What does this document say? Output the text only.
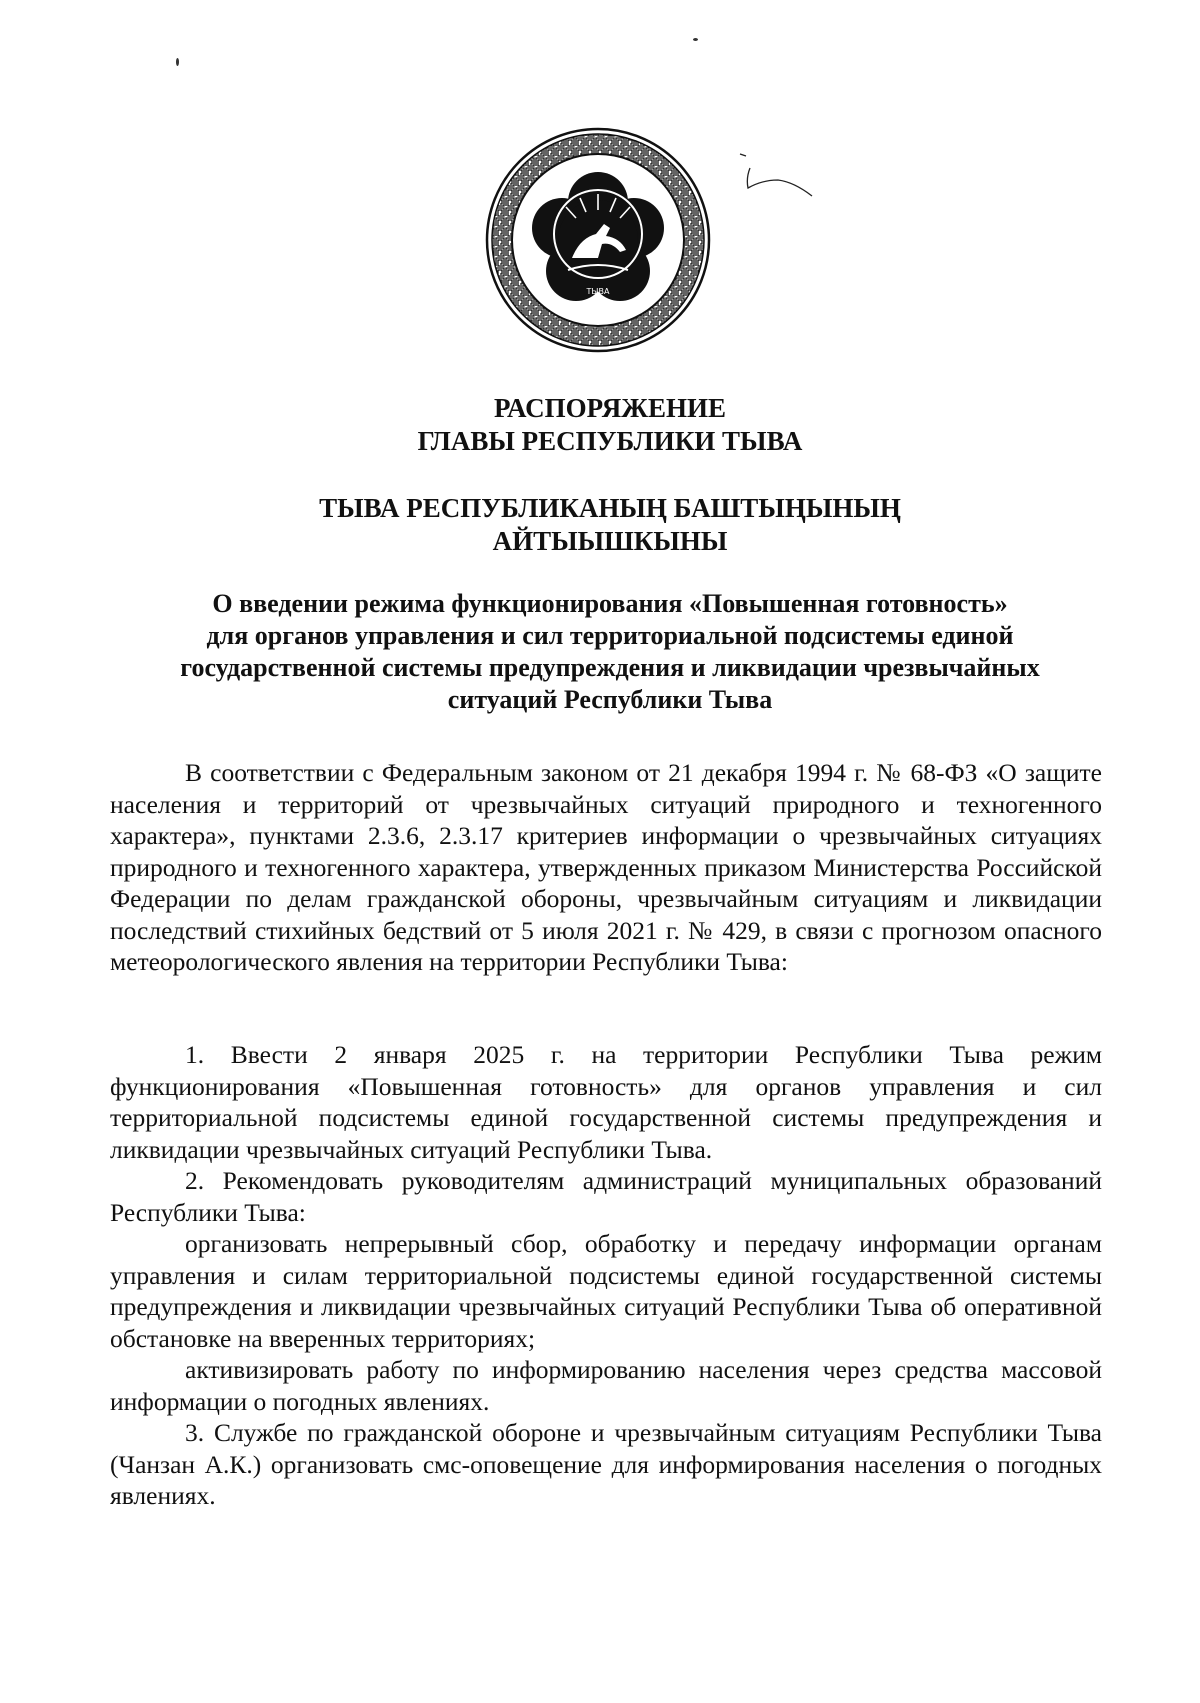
ТЫВА
РАСПОРЯЖЕНИЕ
ГЛАВЫ РЕСПУБЛИКИ ТЫВА
ТЫВА РЕСПУБЛИКАНЫҢ БАШТЫҢЫНЫҢ
АЙТЫЫШКЫНЫ
О введении режима функционирования «Повышенная готовность»
для органов управления и сил территориальной подсистемы единой
государственной системы предупреждения и ликвидации чрезвычайных
ситуаций Республики Тыва

В соответствии с Федеральным законом от 21 декабря 1994 г. № 68-ФЗ «О защите населения и территорий от чрезвычайных ситуаций природного и техногенного характера», пунктами 2.3.6, 2.3.17 критериев информации о чрезвычайных ситуациях природного и техногенного характера, утвержденных приказом Министерства Российской Федерации по делам гражданской обороны, чрезвычайным ситуациям и ликвидации последствий стихийных бедствий от 5 июля 2021 г. № 429, в связи с прогнозом опасного метеорологического явления на территории Республики Тыва:

1. Ввести 2 января 2025 г. на территории Республики Тыва режим функционирования «Повышенная готовность» для органов управления и сил территориальной подсистемы единой государственной системы предупреждения и ликвидации чрезвычайных ситуаций Республики Тыва.

2. Рекомендовать руководителям администраций муниципальных образований Республики Тыва:

организовать непрерывный сбор, обработку и передачу информации органам управления и силам территориальной подсистемы единой государственной системы предупреждения и ликвидации чрезвычайных ситуаций Республики Тыва об оперативной обстановке на вверенных территориях;

активизировать работу по информированию населения через средства массовой информации о погодных явлениях.

3. Службе по гражданской обороне и чрезвычайным ситуациям Республики Тыва (Чанзан А.К.) организовать смс-оповещение для информирования населения о погодных явлениях.
